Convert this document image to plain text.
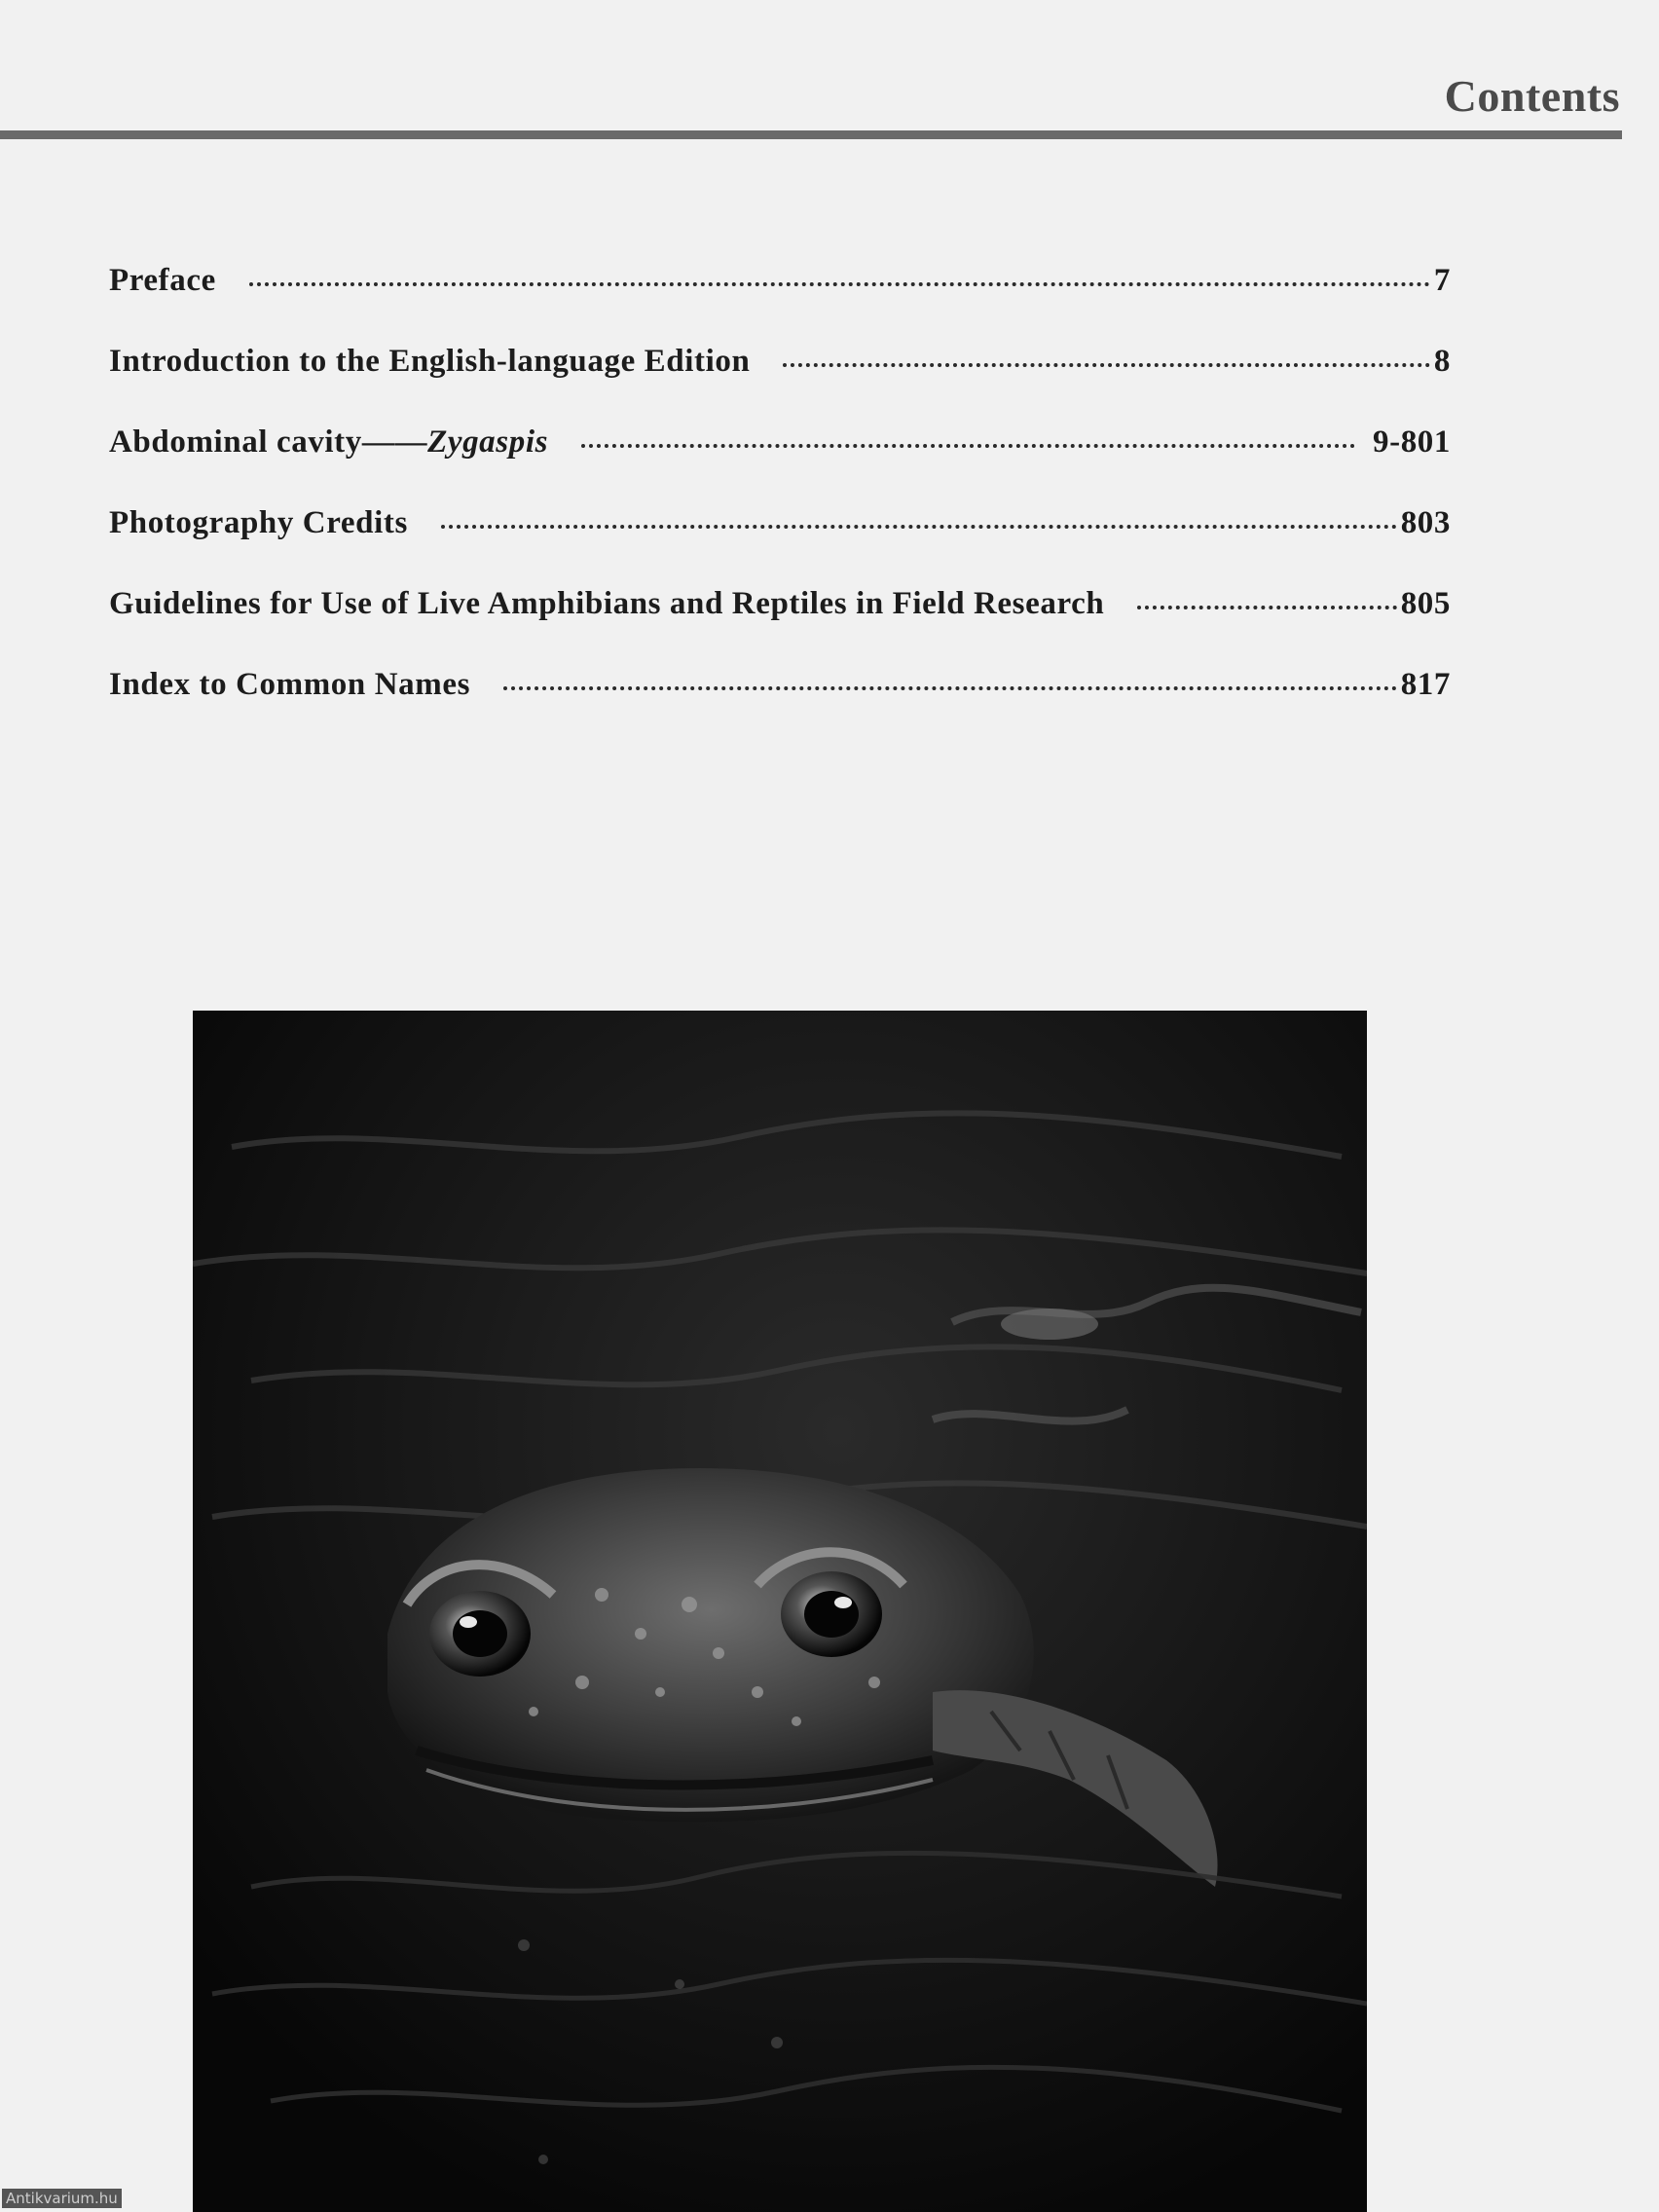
Contents
Preface	7
Introduction to the English-language Edition	8
Abdominal cavity——Zygaspis	9-801
Photography Credits	803
Guidelines for Use of Live Amphibians and Reptiles in Field Research	805
Index to Common Names	817
Antikvarium.hu
